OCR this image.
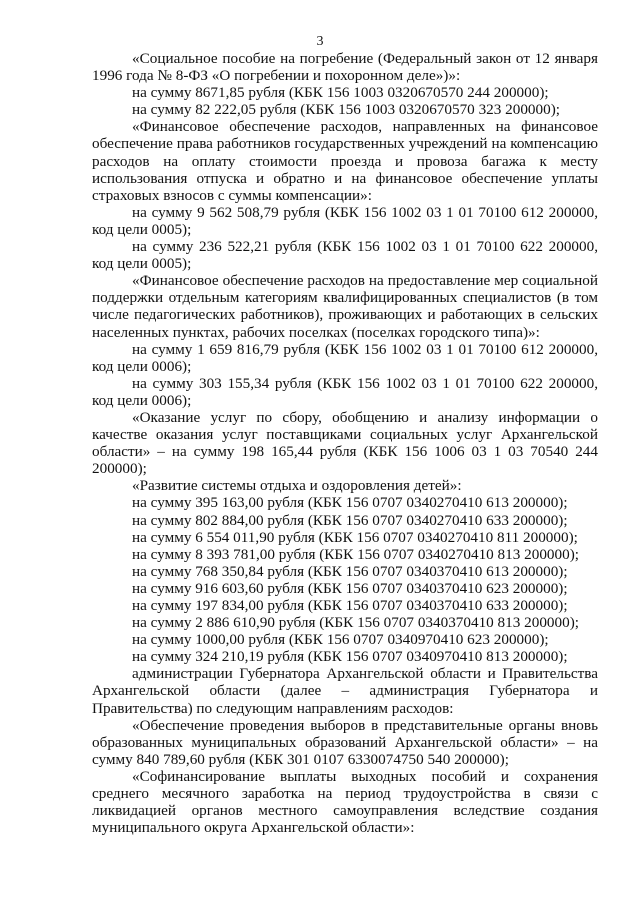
3

«Социальное пособие на погребение (Федеральный закон от 12 января 1996 года № 8-ФЗ «О погребении и похоронном деле»)»:

на сумму 8671,85 рубля (КБК 156 1003 0320670570 244 200000);

на сумму 82 222,05 рубля (КБК 156 1003 0320670570 323 200000);

«Финансовое обеспечение расходов, направленных на финансовое обеспечение права работников государственных учреждений на компенсацию расходов на оплату стоимости проезда и провоза багажа к месту использования отпуска и обратно и на финансовое обеспечение уплаты страховых взносов с суммы компенсации»:

на сумму 9 562 508,79 рубля (КБК 156 1002 03 1 01 70100 612 200000, код цели 0005);

на сумму 236 522,21 рубля (КБК 156 1002 03 1 01 70100 622 200000, код цели 0005);

«Финансовое обеспечение расходов на предоставление мер социальной поддержки отдельным категориям квалифицированных специалистов (в том числе педагогических работников), проживающих и работающих в сельских населенных пунктах, рабочих поселках (поселках городского типа)»:

на сумму 1 659 816,79 рубля (КБК 156 1002 03 1 01 70100 612 200000, код цели 0006);

на сумму 303 155,34 рубля (КБК 156 1002 03 1 01 70100 622 200000, код цели 0006);

«Оказание услуг по сбору, обобщению и анализу информации о качестве оказания услуг поставщиками социальных услуг Архангельской области» – на сумму 198 165,44 рубля (КБК 156 1006 03 1 03 70540 244 200000);

«Развитие системы отдыха и оздоровления детей»:

на сумму 395 163,00 рубля (КБК 156 0707 0340270410 613 200000);

на сумму 802 884,00 рубля (КБК 156 0707 0340270410 633 200000);

на сумму 6 554 011,90 рубля (КБК 156 0707 0340270410 811 200000);

на сумму 8 393 781,00 рубля (КБК 156 0707 0340270410 813 200000);

на сумму 768 350,84 рубля (КБК 156 0707 0340370410 613 200000);

на сумму 916 603,60 рубля (КБК 156 0707 0340370410 623 200000);

на сумму 197 834,00 рубля (КБК 156 0707 0340370410 633 200000);

на сумму 2 886 610,90 рубля (КБК 156 0707 0340370410 813 200000);

на сумму 1000,00 рубля (КБК 156 0707 0340970410 623 200000);

на сумму 324 210,19 рубля (КБК 156 0707 0340970410 813 200000);

администрации Губернатора Архангельской области и Правительства Архангельской области (далее – администрация Губернатора и Правительства) по следующим направлениям расходов:

«Обеспечение проведения выборов в представительные органы вновь образованных муниципальных образований Архангельской области» – на сумму 840 789,60 рубля (КБК 301 0107 6330074750 540 200000);

«Софинансирование выплаты выходных пособий и сохранения среднего месячного заработка на период трудоустройства в связи с ликвидацией органов местного самоуправления вследствие создания муниципального округа Архангельской области»:
